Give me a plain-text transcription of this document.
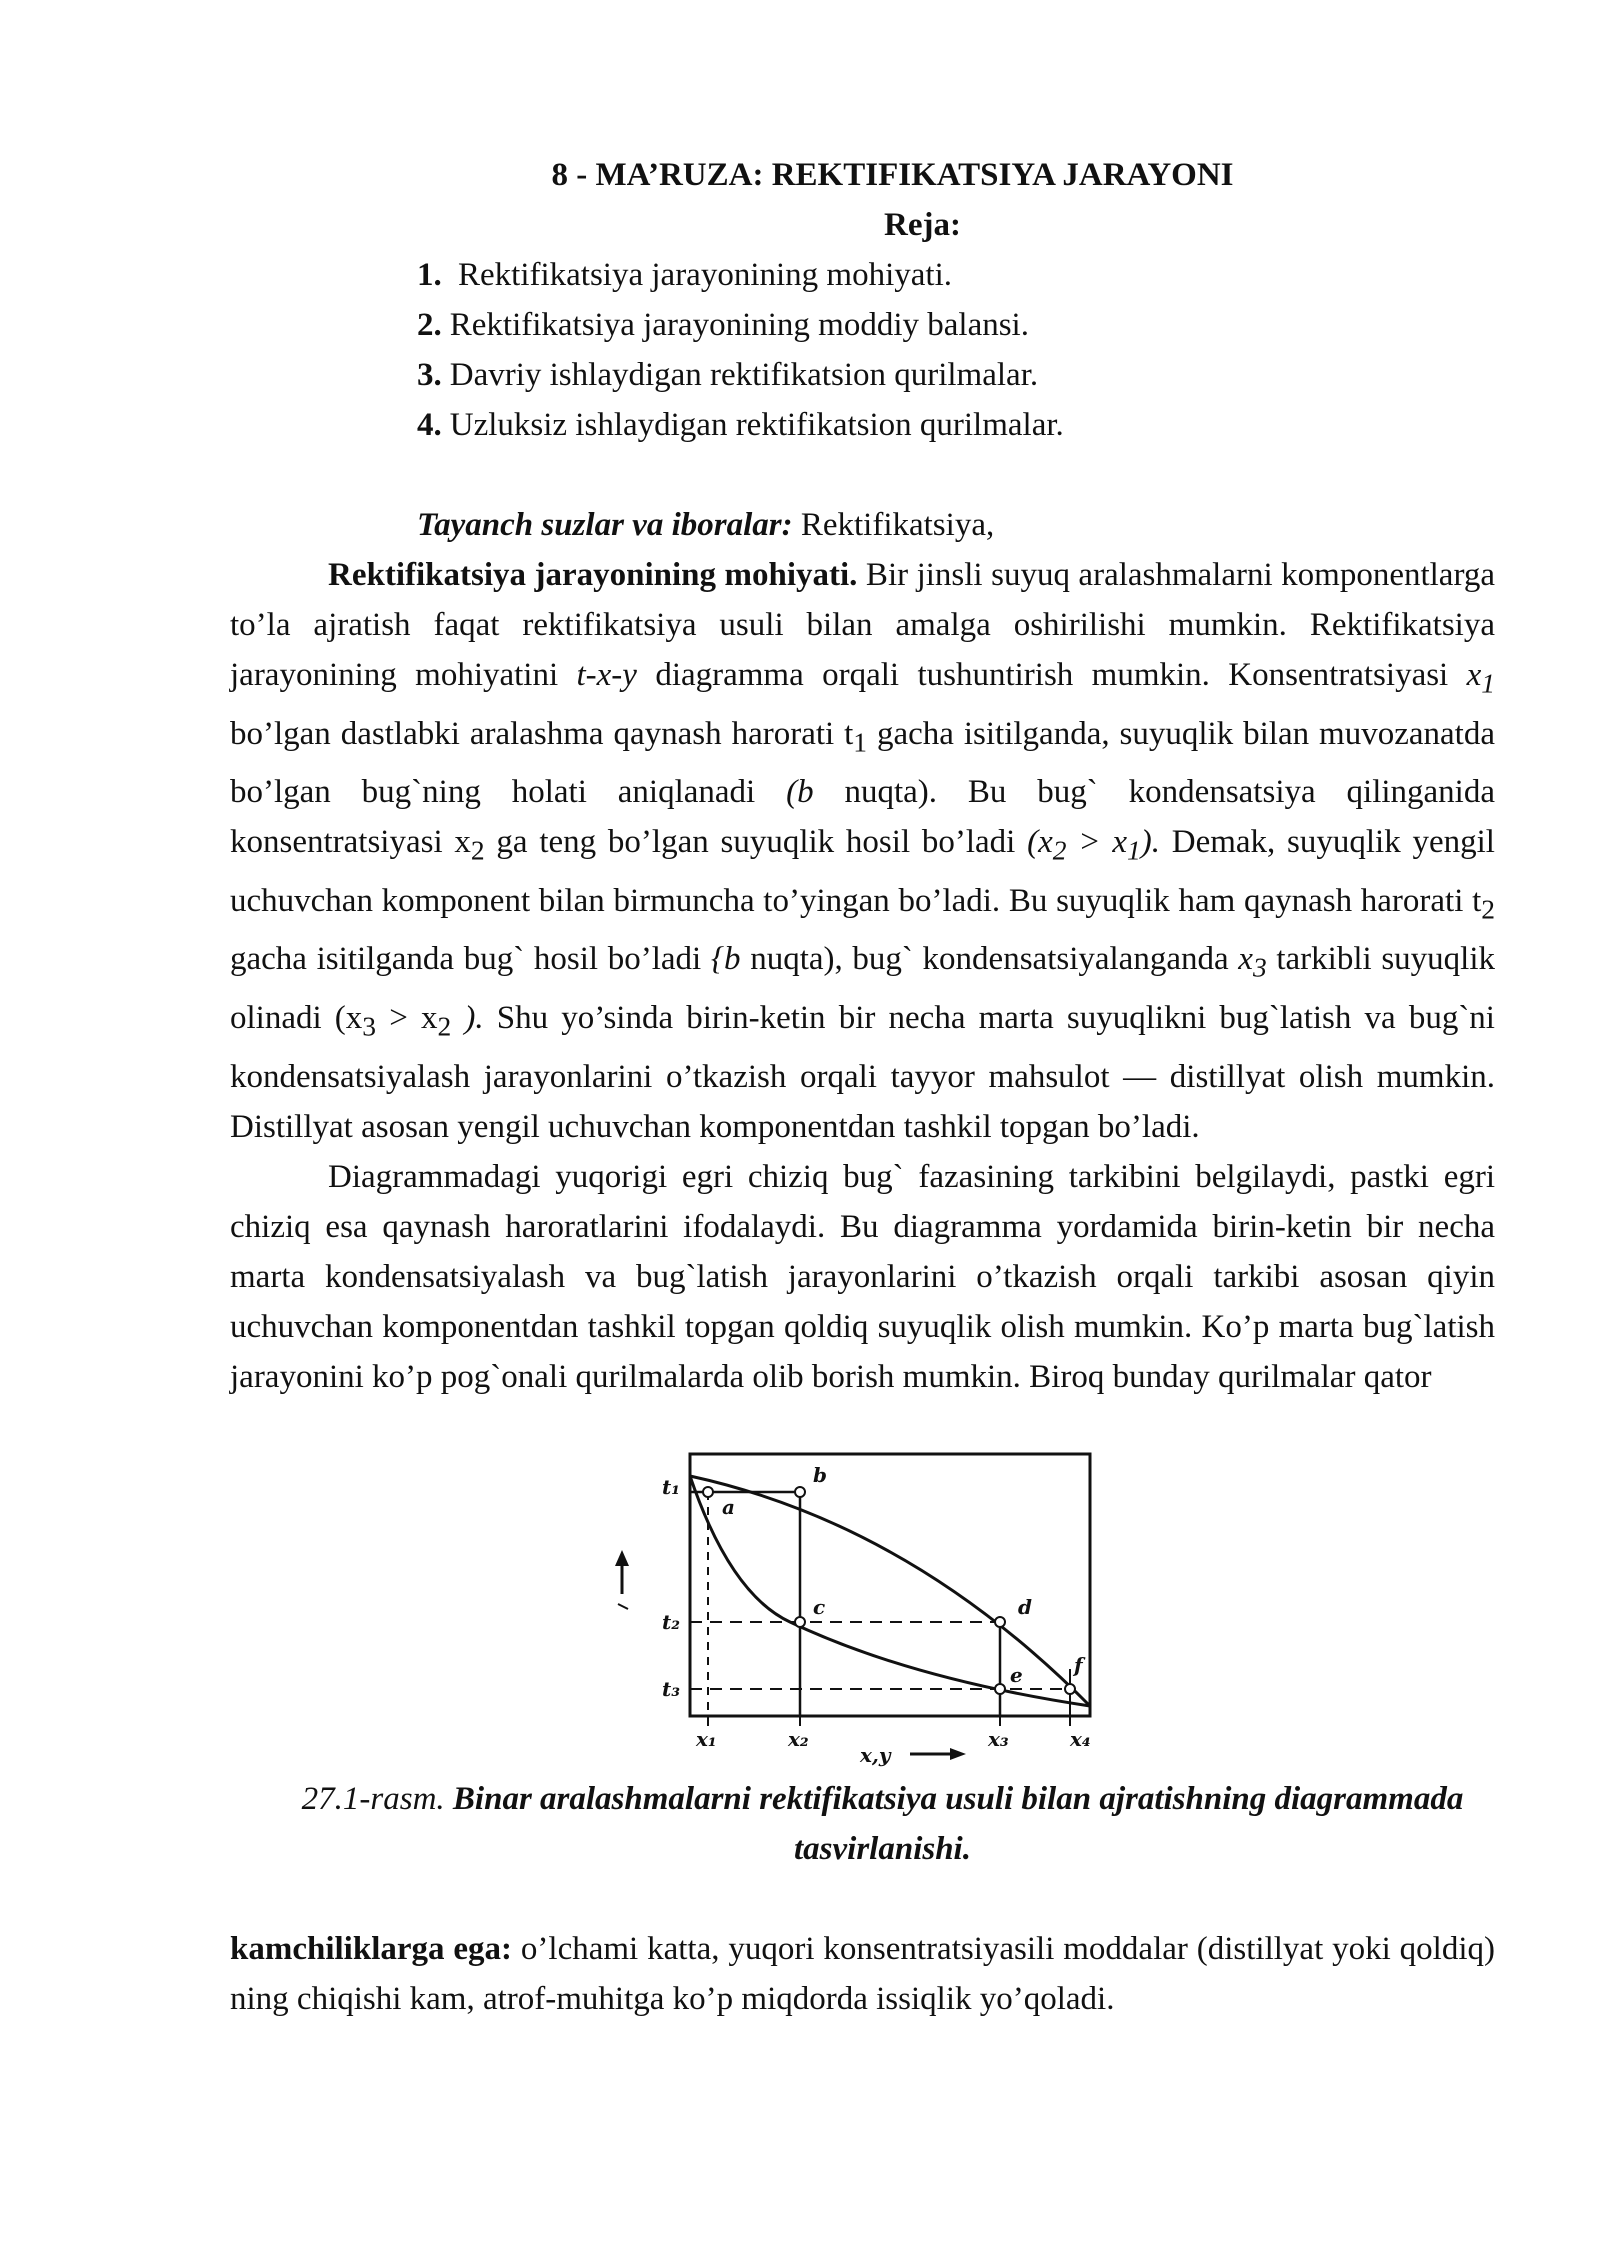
8 - MA’RUZA: REKTIFIKATSIYA JARAYONI

Reja:

1. Rektifikatsiya jarayonining mohiyati.
2. Rektifikatsiya jarayonining moddiy balansi.
3. Davriy ishlaydigan rektifikatsion qurilmalar.
4. Uzluksiz ishlaydigan rektifikatsion qurilmalar.

Tayanch suzlar va iboralar: Rektifikatsiya,

Rektifikatsiya jarayonining mohiyati. Bir jinsli suyuq aralashmalarni komponentlarga to’la ajratish faqat rektifikatsiya usuli bilan amalga oshirilishi mumkin. Rektifikatsiya jarayonining mohiyatini t-x-y diagramma orqali tushuntirish mumkin. Konsentratsiyasi $x_1$ bo’lgan dastlabki aralashma qaynash harorati $t_1$ gacha isitilganda, suyuqlik bilan muvozanatda bo’lgan bug`ning holati aniqlanadi (b nuqta). Bu bug` kondensatsiya qilinganida konsentratsiyasi $x_2$ ga teng bo’lgan suyuqlik hosil bo’ladi $(x_2 > x_1)$. Demak, suyuqlik yengil uchuvchan komponent bilan birmuncha to’yingan bo’ladi. Bu suyuqlik ham qaynash harorati $t_2$ gacha isitilganda bug` hosil bo’ladi {b nuqta), bug` kondensatsiyalanganda $x_3$ tarkibli suyuqlik olinadi ($x_3 > x_2$ ). Shu yo’sinda birin-ketin bir necha marta suyuqlikni bug`latish va bug`ni kondensatsiyalash jarayonlarini o’tkazish orqali tayyor mahsulot — distillyat olish mumkin. Distillyat asosan yengil uchuvchan komponentdan tashkil topgan bo’ladi.

Diagrammadagi yuqorigi egri chiziq bug` fazasining tarkibini belgilaydi, pastki egri chiziq esa qaynash haroratlarini ifodalaydi. Bu diagramma yordamida birin-ketin bir necha marta kondensatsiyalash va bug`latish jarayonlarini o’tkazish orqali tarkibi asosan qiyin uchuvchan komponentdan tashkil topgan qoldiq suyuqlik olish mumkin. Ko’p marta bug`latish jarayonini ko’p pog`onali qurilmalarda olib borish mumkin. Biroq bunday qurilmalar qator

t₁
t₂
t₃
a
b
c	d
e	f
x₁	x₂	x₃	x₄
x,y

27.1-rasm. Binar aralashmalarni rektifikatsiya usuli bilan ajratishning diagrammada tasvirlanishi.

kamchiliklarga ega: o’lchami katta, yuqori konsentratsiyasili moddalar (distillyat yoki qoldiq) ning chiqishi kam, atrof-muhitga ko’p miqdorda issiqlik yo’qoladi.
